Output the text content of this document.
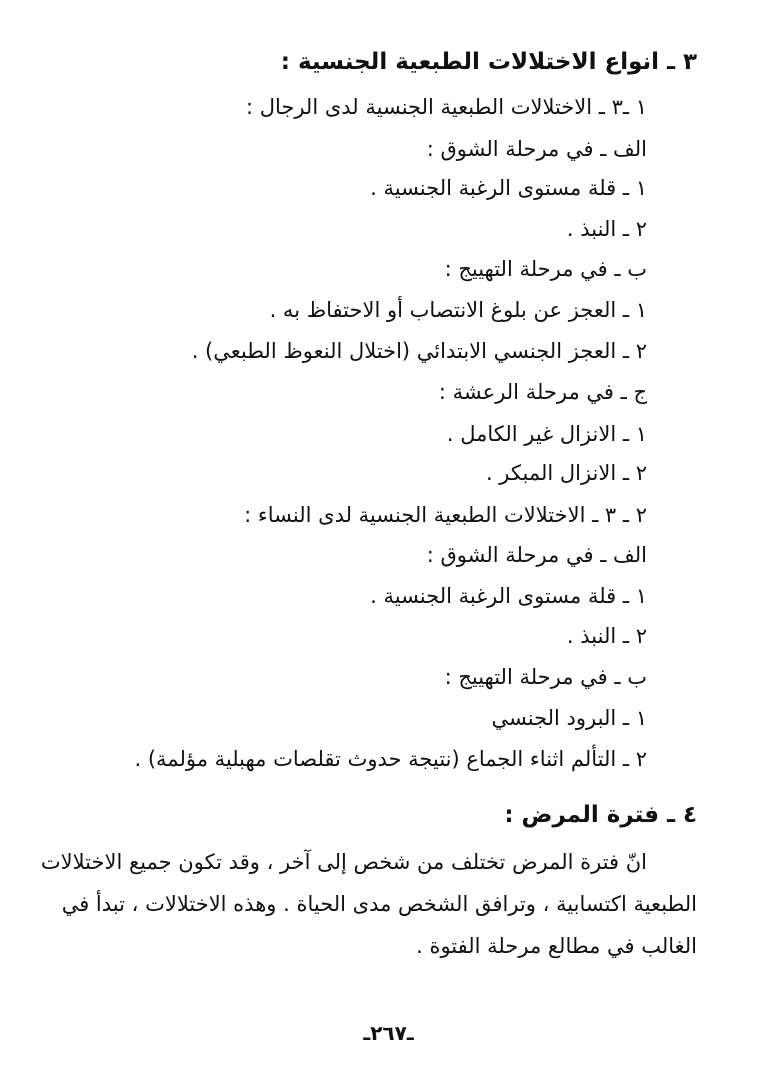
٣ ـ انواع الاختلالات الطبعية الجنسية :
١ ـ٣ ـ الاختلالات الطبعية الجنسية لدى الرجال :
الف ـ في مرحلة الشوق :
١ ـ قلة مستوى الرغبة الجنسية .
٢ ـ النبذ .
ب ـ في مرحلة التهييج :
١ ـ العجز عن بلوغ الانتصاب أو الاحتفاظ به .
٢ ـ العجز الجنسي الابتدائي (اختلال النعوظ الطبعي) .
ج ـ في مرحلة الرعشة :
١ ـ الانزال غير الكامل .
٢ ـ الانزال المبكر .
٢ ـ ٣ ـ الاختلالات الطبعية الجنسية لدى النساء :
الف ـ في مرحلة الشوق :
١ ـ قلة مستوى الرغبة الجنسية .
٢ ـ النبذ .
ب ـ في مرحلة التهييج :
١ ـ البرود الجنسي
٢ ـ التألم اثناء الجماع (نتيجة حدوث تقلصات مهبلية مؤلمة) .
٤ ـ فترة المرض :
انّ فترة المرض تختلف من شخص إلى آخر ، وقد تكون جميع الاختلالات
الطبعية اكتسابية ، وترافق الشخص مدى الحياة . وهذه الاختلالات ، تبدأ في
الغالب في مطالع مرحلة الفتوة .
ـ٢٦٧ـ
